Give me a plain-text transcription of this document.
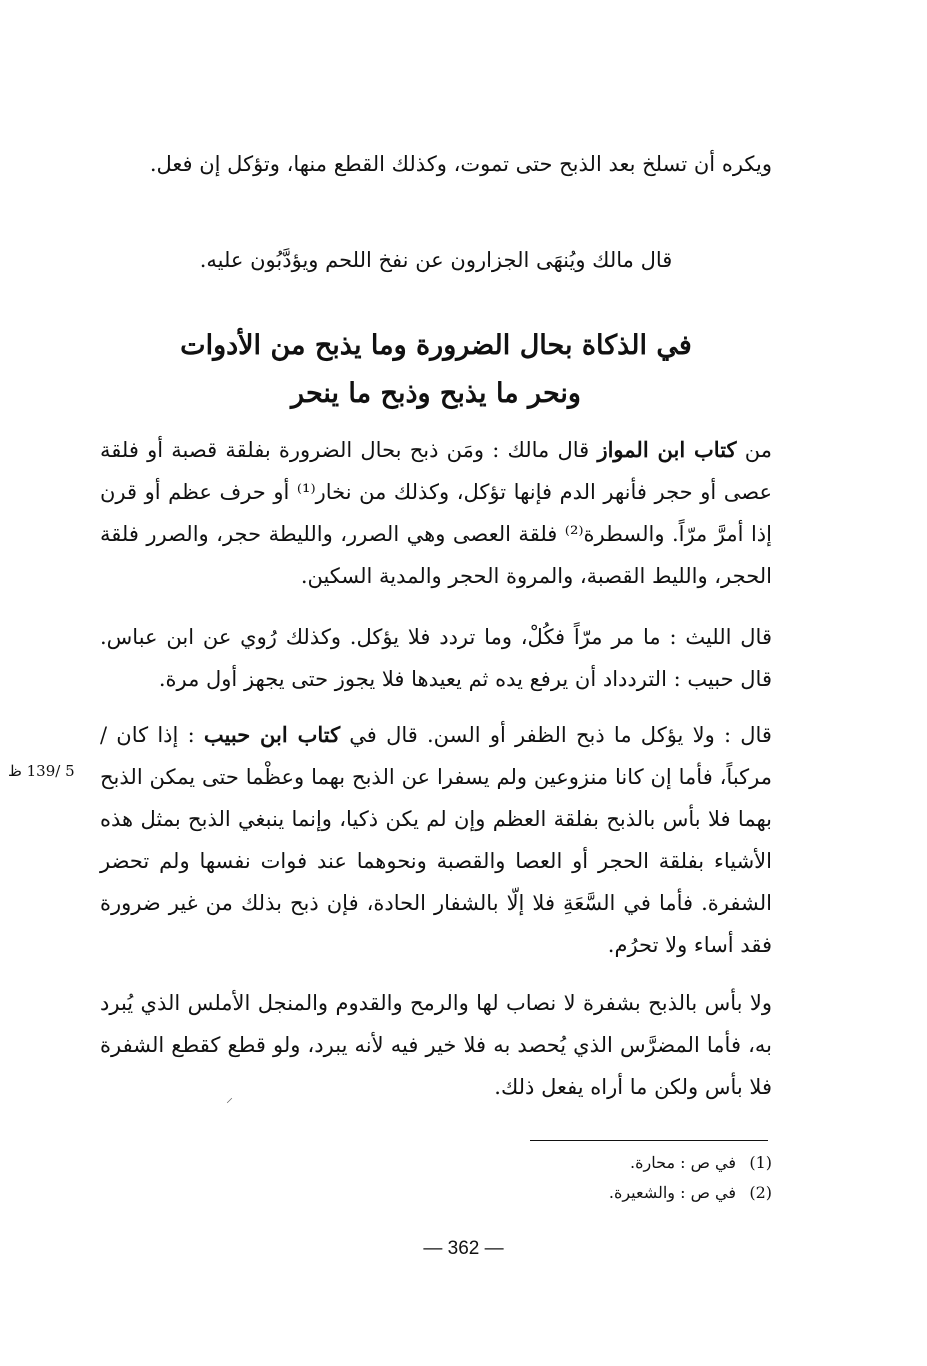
ويكره أن تسلخ بعد الذبح حتى تموت، وكذلك القطع منها، وتؤكل إن فعل.

قال مالك ويُنهَى الجزارون عن نفخ اللحم ويؤدَّبُون عليه.

في الذكاة بحال الضرورة وما يذبح من الأدوات
ونحر ما يذبح وذبح ما ينحر

من كتاب ابن المواز قال مالك : ومَن ذبح بحال الضرورة بفلقة قصبة أو فلقة عصى أو حجر فأنهر الدم فإنها تؤكل، وكذلك من نخار⁽¹⁾ أو حرف عظم أو قرن إذا أمرَّ مرّاً. والسطرة⁽²⁾ فلقة العصى وهي الصرر، والليطة حجر، والصرر فلقة الحجر، والليط القصبة، والمروة الحجر والمدية السكين.

قال الليث : ما مر مرّاً فكُلْ، وما تردد فلا يؤكل. وكذلك رُوي عن ابن عباس. قال حبيب : التردداد أن يرفع يده ثم يعيدها فلا يجوز حتى يجهز أول مرة.

قال : ولا يؤكل ما ذبح الظفر أو السن. قال في كتاب ابن حبيب : إذا كان / مركباً، فأما إن كانا منزوعين ولم يسفرا عن الذبح بهما وعظْما حتى يمكن الذبح بهما فلا بأس بالذبح بفلقة العظم وإن لم يكن ذكيا، وإنما ينبغي الذبح بمثل هذه الأشياء بفلقة الحجر أو العصا والقصبة ونحوهما عند فوات نفسها ولم تحضر الشفرة. فأما في السَّعَةِ فلا إلّا بالشفار الحادة، فإن ذبح بذلك من غير ضرورة فقد أساء ولا تحرُم.

5 /139 ظ

ولا بأس بالذبح بشفرة لا نصاب لها والرمح والقدوم والمنجل الأملس الذي يُبرد به، فأما المضرَّس الذي يُحصد به فلا خير فيه لأنه يبرد، ولو قطع كقطع الشفرة فلا بأس ولكن ما أراه يفعل ذلك.

(1)في ص : محارة.
(2)في ص : والشعيرة.
— 362 —
⸝
